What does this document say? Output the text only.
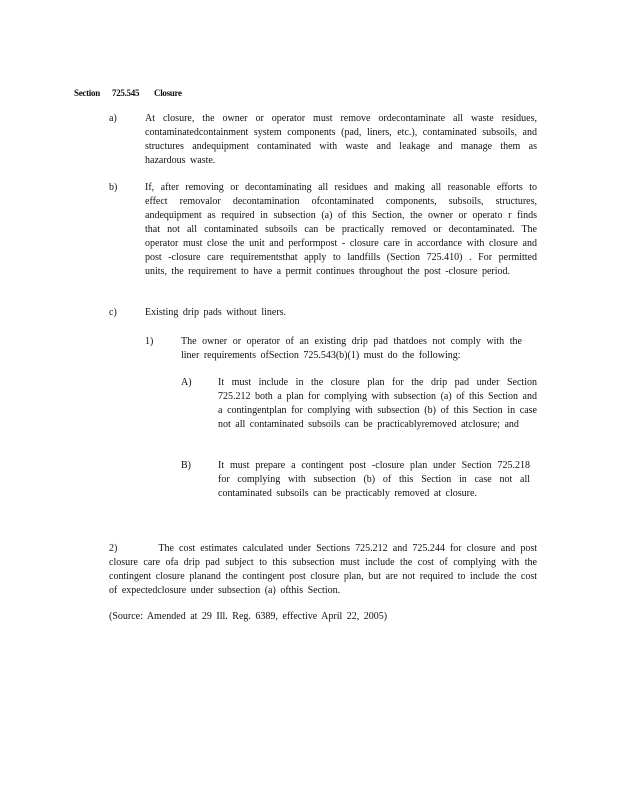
Section 725.545 Closure
a)	At closure, the owner or operator must remove ordecontaminate all waste residues, contaminatedcontainment system components (pad, liners, etc.), contaminated subsoils, and structures andequipment contaminated with waste and leakage and manage them as hazardous waste.
b)	If, after removing or decontaminating all residues and making all reasonable efforts to effect removalor decontamination ofcontaminated components, subsoils, structures, andequipment as required in subsection (a) of this Section, the owner or operato r finds that not all contaminated subsoils can be practically removed or decontaminated. The operator must close the unit and performpost - closure care in accordance with closure and post -closure care requirementsthat apply to landfills (Section 725.410) . For permitted units, the requirement to have a permit continues throughout the post -closure period.
c)	Existing drip pads without liners.
1)	The owner or operator of an existing drip pad thatdoes not comply with the liner requirements ofSection 725.543(b)(1) must do the following:
A)	It must include in the closure plan for the drip pad under Section 725.212 both a plan for complying with subsection (a) of this Section and a contingentplan for complying with subsection (b) of this Section in case not all contaminated subsoils can be practicablyremoved atclosure; and
B)	It must prepare a contingent post -closure plan under Section 725.218 for complying with subsection (b) of this Section in case not all contaminated subsoils can be practicably removed at closure.
2)	The cost estimates calculated under Sections 725.212 and 725.244 for closure and post closure care ofa drip pad subject to this subsection must include the cost of complying with the contingent closure planand the contingent post closure plan, but are not required to include the cost of expectedclosure under subsection (a) ofthis Section.
(Source: Amended at 29 Ill. Reg. 6389, effective April 22, 2005)
